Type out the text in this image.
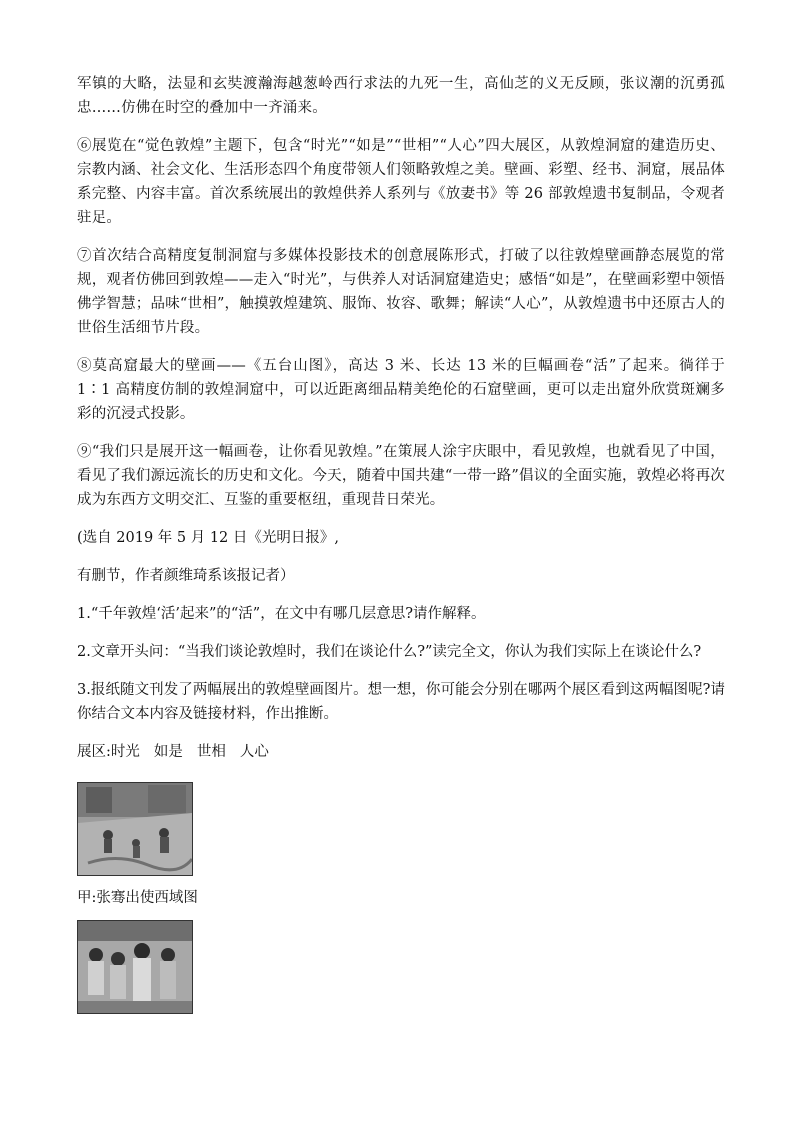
军镇的大略，法显和玄奘渡瀚海越葱岭西行求法的九死一生，高仙芝的义无反顾，张议潮的沉勇孤忠……仿佛在时空的叠加中一齐涌来。

⑥展览在“觉色敦煌”主题下，包含“时光”“如是”“世相”“人心”四大展区，从敦煌洞窟的建造历史、宗教内涵、社会文化、生活形态四个角度带领人们领略敦煌之美。壁画、彩塑、经书、洞窟，展品体系完整、内容丰富。首次系统展出的敦煌供养人系列与《放妻书》等 26 部敦煌遗书复制品，令观者驻足。

⑦首次结合高精度复制洞窟与多媒体投影技术的创意展陈形式，打破了以往敦煌壁画静态展览的常规，观者仿佛回到敦煌——走入“时光”，与供养人对话洞窟建造史；感悟“如是”，在壁画彩塑中领悟佛学智慧；品味“世相”，触摸敦煌建筑、服饰、妆容、歌舞；解读“人心”，从敦煌遗书中还原古人的世俗生活细节片段。

⑧莫高窟最大的壁画——《五台山图》，高达 3 米、长达 13 米的巨幅画卷“活”了起来。徜徉于 1∶1 高精度仿制的敦煌洞窟中，可以近距离细品精美绝伦的石窟壁画，更可以走出窟外欣赏斑斓多彩的沉浸式投影。

⑨“我们只是展开这一幅画卷，让你看见敦煌。”在策展人涂宇庆眼中，看见敦煌，也就看见了中国，看见了我们源远流长的历史和文化。今天，随着中国共建“一带一路”倡议的全面实施，敦煌必将再次成为东西方文明交汇、互鉴的重要枢纽，重现昔日荣光。

(选自 2019 年 5 月 12 日《光明日报》,

有删节，作者颜维琦系该报记者）

1.“千年敦煌‘活’起来”的“活”，在文中有哪几层意思?请作解释。

2.文章开头问：“当我们谈论敦煌时，我们在谈论什么?”读完全文，你认为我们实际上在谈论什么?

3.报纸随文刊发了两幅展出的敦煌壁画图片。想一想，你可能会分别在哪两个展区看到这两幅图呢?请你结合文本内容及链接材料，作出推断。

展区:时光 如是 世相 人心

甲:张骞出使西域图
